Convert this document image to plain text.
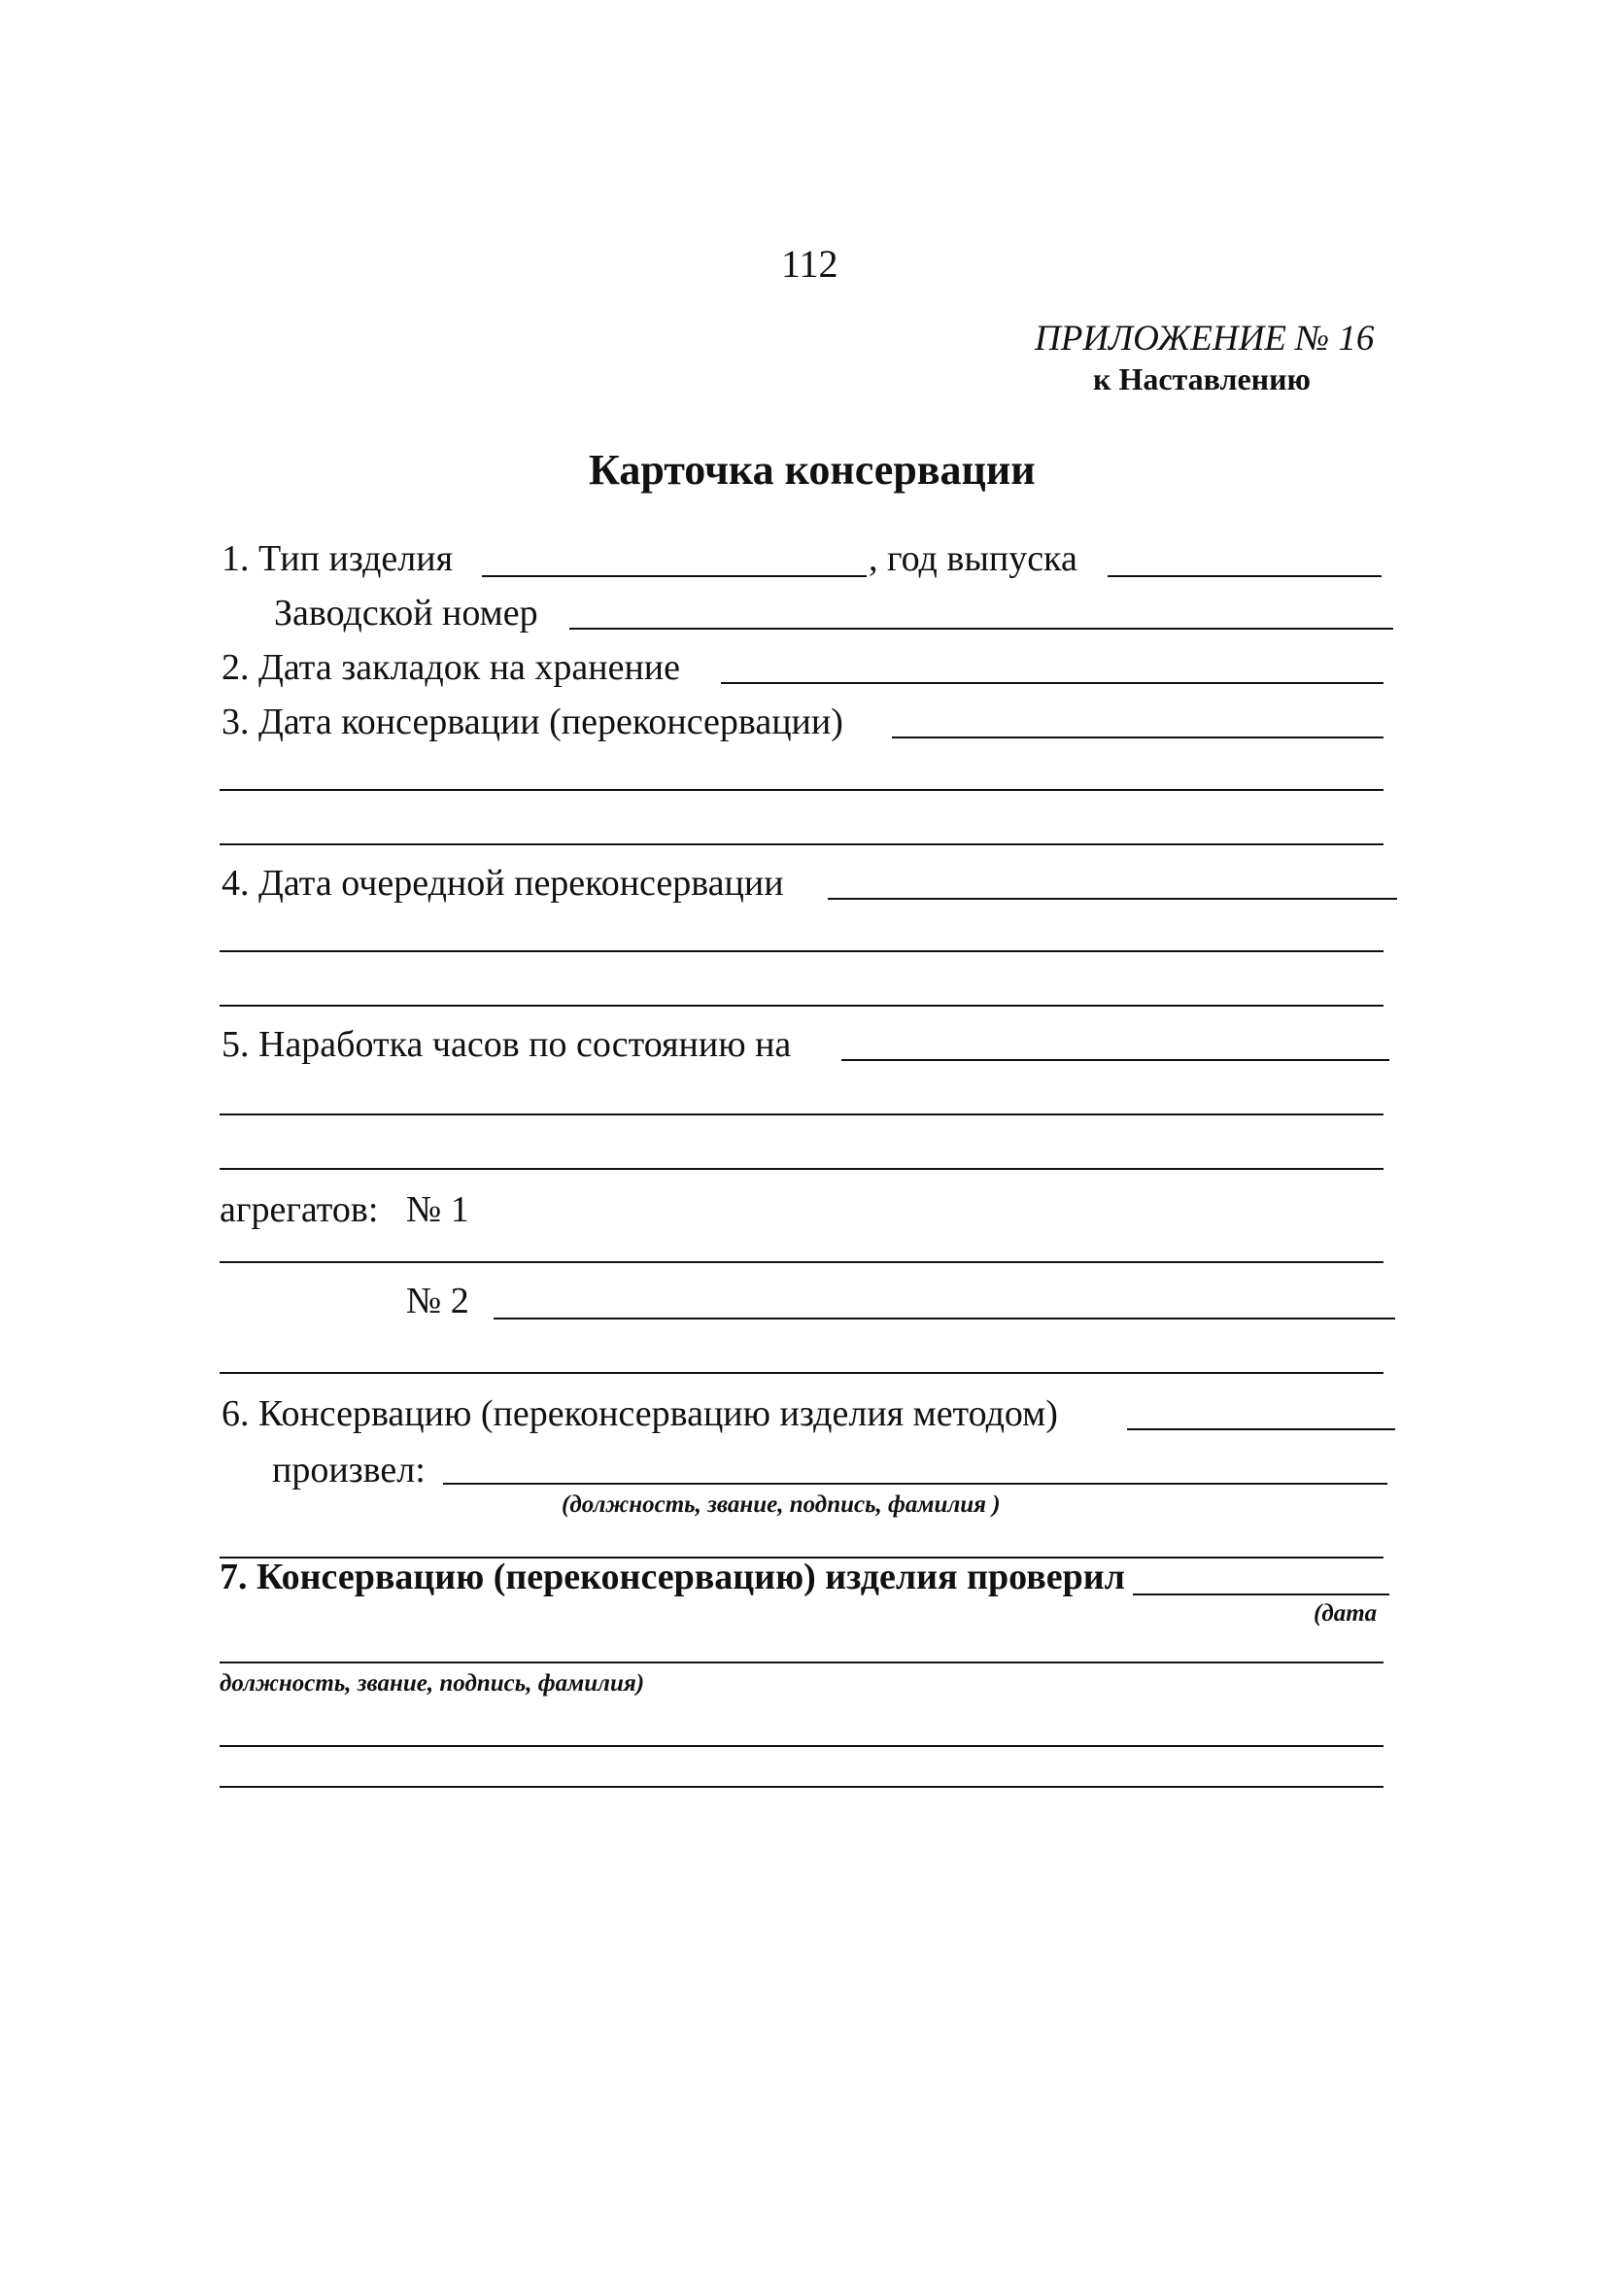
112
ПРИЛОЖЕНИЕ № 16
к Наставлению
Карточка консервации
1. Тип изделия	, год выпуска
Заводской номер
2. Дата закладок на хранение
3. Дата консервации (переконсервации)
4. Дата очередной переконсервации
5. Наработка часов по состоянию на
агрегатов: № 1
№ 2
6. Консервацию (переконсервацию изделия методом)
произвел:
(должность, звание, подпись, фамилия )
7. Консервацию (переконсервацию) изделия проверил
(дата
должность, звание, подпись, фамилия)
